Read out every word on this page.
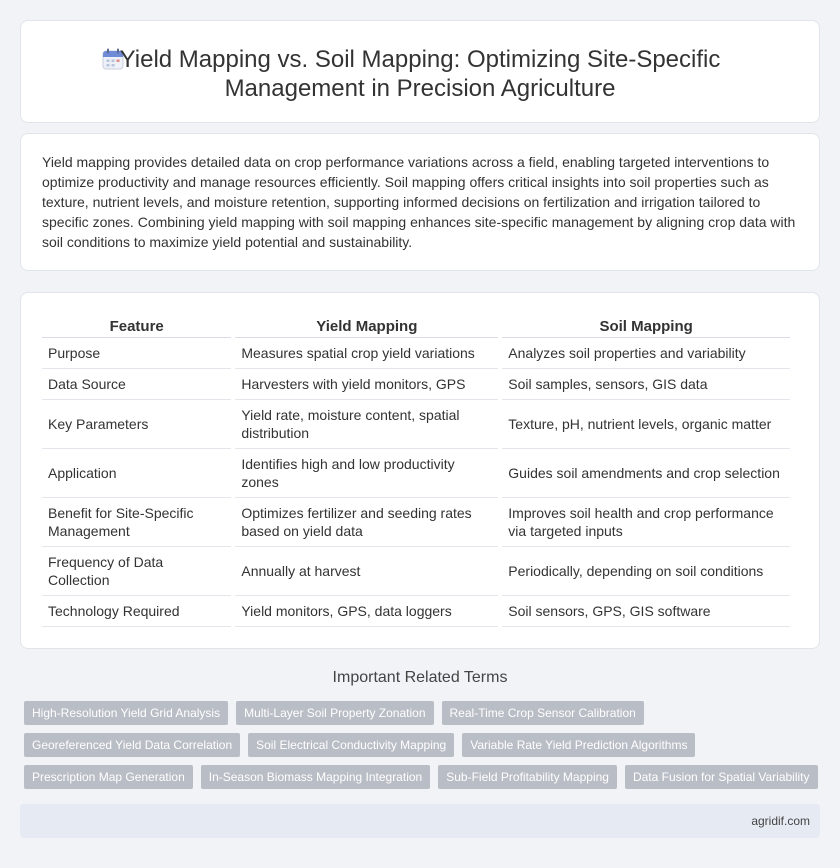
Yield Mapping vs. Soil Mapping: Optimizing Site-Specific Management in Precision Agriculture

Yield mapping provides detailed data on crop performance variations across a field, enabling targeted interventions to optimize productivity and manage resources efficiently. Soil mapping offers critical insights into soil properties such as texture, nutrient levels, and moisture retention, supporting informed decisions on fertilization and irrigation tailored to specific zones. Combining yield mapping with soil mapping enhances site-specific management by aligning crop data with soil conditions to maximize yield potential and sustainability.

Feature	Yield Mapping	Soil Mapping
Purpose	Measures spatial crop yield variations	Analyzes soil properties and variability
Data Source	Harvesters with yield monitors, GPS	Soil samples, sensors, GIS data
Key Parameters	Yield rate, moisture content, spatial distribution	Texture, pH, nutrient levels, organic matter
Application	Identifies high and low productivity zones	Guides soil amendments and crop selection
Benefit for Site-Specific Management	Optimizes fertilizer and seeding rates based on yield data	Improves soil health and crop performance via targeted inputs
Frequency of Data Collection	Annually at harvest	Periodically, depending on soil conditions
Technology Required	Yield monitors, GPS, data loggers	Soil sensors, GPS, GIS software
Important Related Terms
High-Resolution Yield Grid Analysis	Multi-Layer Soil Property Zonation	Real-Time Crop Sensor Calibration
Georeferenced Yield Data Correlation	Soil Electrical Conductivity Mapping	Variable Rate Yield Prediction Algorithms
Prescription Map Generation	In-Season Biomass Mapping Integration	Sub-Field Profitability Mapping	Data Fusion for Spatial Variability
agridif.com
